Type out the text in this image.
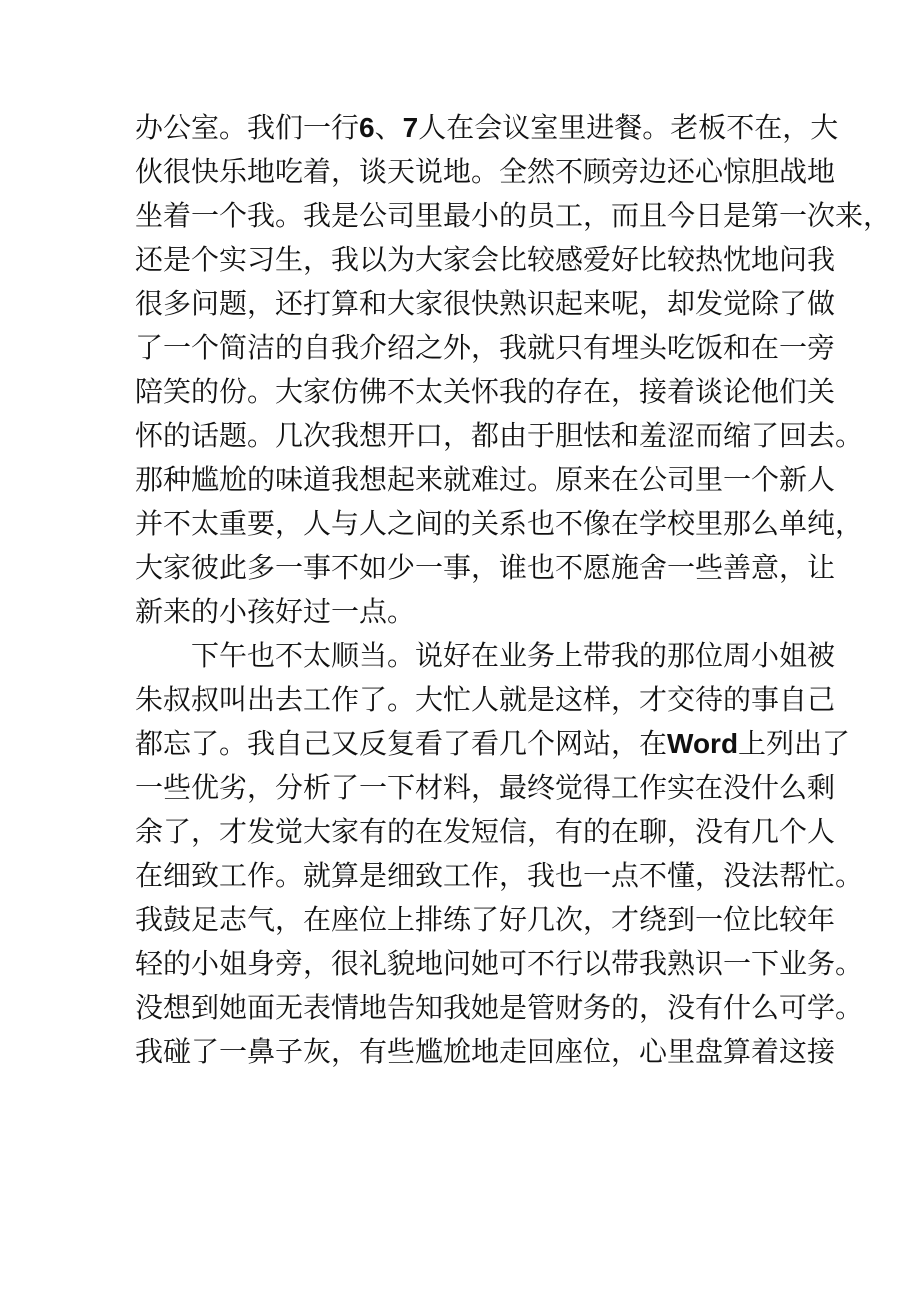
办公室。我们一行6、7人在会议室里进餐。老板不在，大
伙很快乐地吃着，谈天说地。全然不顾旁边还心惊胆战地
坐着一个我。我是公司里最小的员工，而且今日是第一次来，
还是个实习生，我以为大家会比较感爱好比较热忱地问我
很多问题，还打算和大家很快熟识起来呢，却发觉除了做
了一个简洁的自我介绍之外，我就只有埋头吃饭和在一旁
陪笑的份。大家仿佛不太关怀我的存在，接着谈论他们关
怀的话题。几次我想开口，都由于胆怯和羞涩而缩了回去。
那种尴尬的味道我想起来就难过。原来在公司里一个新人
并不太重要，人与人之间的关系也不像在学校里那么单纯，
大家彼此多一事不如少一事，谁也不愿施舍一些善意，让
新来的小孩好过一点。
下午也不太顺当。说好在业务上带我的那位周小姐被
朱叔叔叫出去工作了。大忙人就是这样，才交待的事自己
都忘了。我自己又反复看了看几个网站，在Word上列出了
一些优劣，分析了一下材料，最终觉得工作实在没什么剩
余了，才发觉大家有的在发短信，有的在聊，没有几个人
在细致工作。就算是细致工作，我也一点不懂，没法帮忙。
我鼓足志气，在座位上排练了好几次，才绕到一位比较年
轻的小姐身旁，很礼貌地问她可不行以带我熟识一下业务。
没想到她面无表情地告知我她是管财务的，没有什么可学。
我碰了一鼻子灰，有些尴尬地走回座位，心里盘算着这接
